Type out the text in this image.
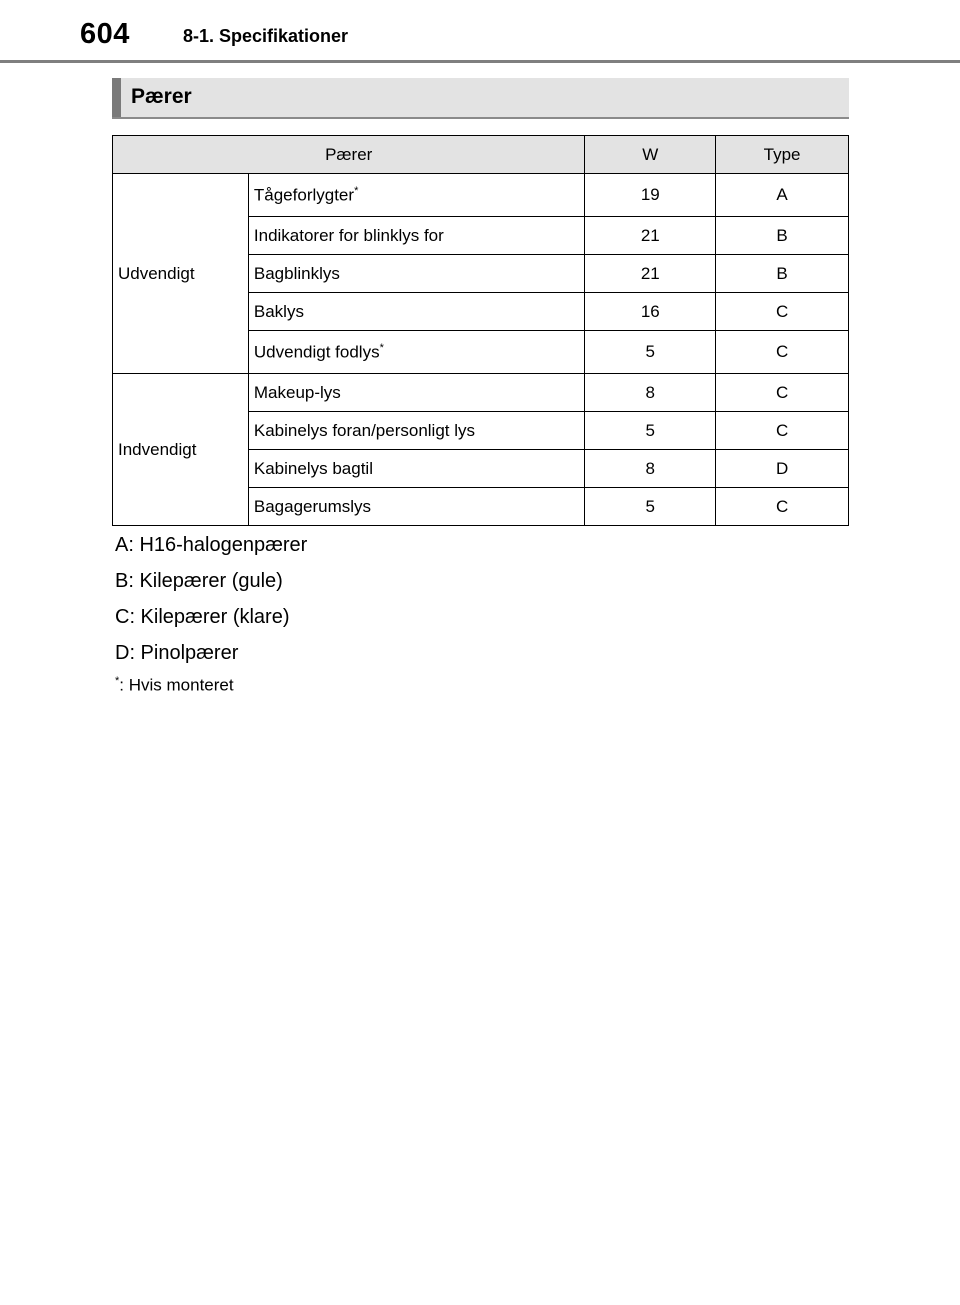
604	8-1. Specifikationer
Pærer
Pærer		W	Type
Udvendigt	Tågeforlygter*	19	A
	Indikatorer for blinklys for	21	B
	Bagblinklys	21	B
	Baklys	16	C
	Udvendigt fodlys*	5	C
Indvendigt	Makeup-lys	8	C
	Kabinelys foran/personligt lys	5	C
	Kabinelys bagtil	8	D
	Bagagerumslys	5	C
A: H16-halogenpærer
B: Kilepærer (gule)
C: Kilepærer (klare)
D: Pinolpærer
*: Hvis monteret
